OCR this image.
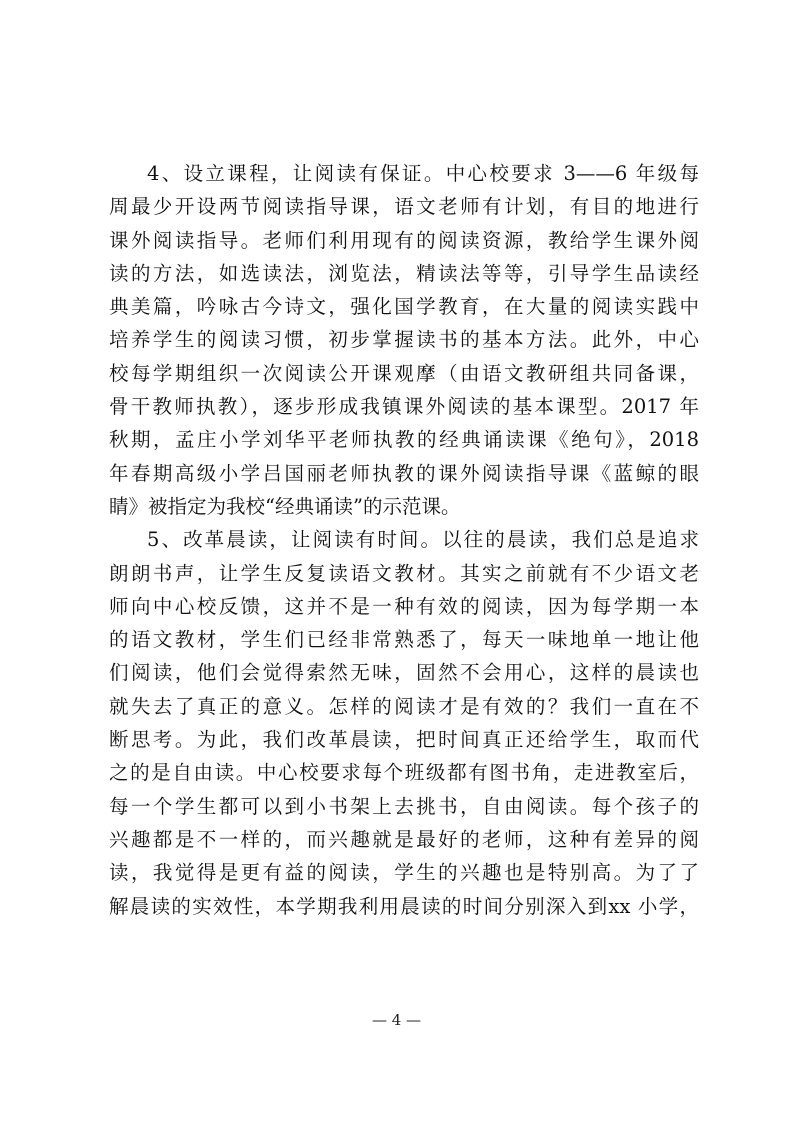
4、设立课程，让阅读有保证。中心校要求 3——6 年级每
周最少开设两节阅读指导课，语文老师有计划，有目的地进行
课外阅读指导。老师们利用现有的阅读资源，教给学生课外阅
读的方法，如选读法，浏览法，精读法等等，引导学生品读经
典美篇，吟咏古今诗文，强化国学教育，在大量的阅读实践中
培养学生的阅读习惯，初步掌握读书的基本方法。此外，中心
校每学期组织一次阅读公开课观摩（由语文教研组共同备课，
骨干教师执教），逐步形成我镇课外阅读的基本课型。2017 年
秋期，孟庄小学刘华平老师执教的经典诵读课《绝句》，2018
年春期高级小学吕国丽老师执教的课外阅读指导课《蓝鲸的眼
睛》被指定为我校“经典诵读”的示范课。
5、改革晨读，让阅读有时间。以往的晨读，我们总是追求
朗朗书声，让学生反复读语文教材。其实之前就有不少语文老
师向中心校反馈，这并不是一种有效的阅读，因为每学期一本
的语文教材，学生们已经非常熟悉了，每天一味地单一地让他
们阅读，他们会觉得索然无味，固然不会用心，这样的晨读也
就失去了真正的意义。怎样的阅读才是有效的？我们一直在不
断思考。为此，我们改革晨读，把时间真正还给学生，取而代
之的是自由读。中心校要求每个班级都有图书角，走进教室后，
每一个学生都可以到小书架上去挑书，自由阅读。每个孩子的
兴趣都是不一样的，而兴趣就是最好的老师，这种有差异的阅
读，我觉得是更有益的阅读，学生的兴趣也是特别高。为了了
解晨读的实效性，本学期我利用晨读的时间分别深入到xx 小学，
— 4 —
